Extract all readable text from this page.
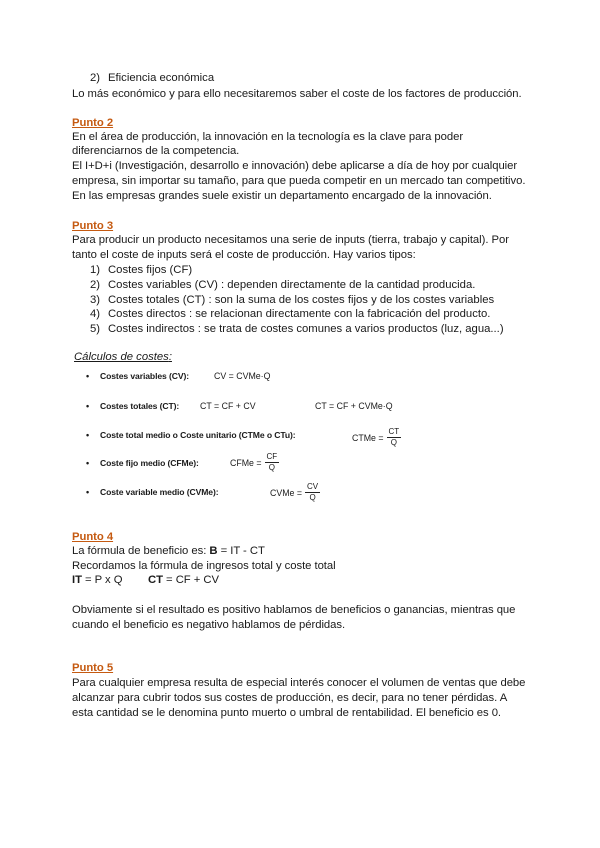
2) Eficiencia económica
Lo más económico y para ello necesitaremos saber el coste de los factores de producción.
Punto 2
En el área de producción, la innovación en la tecnología es la clave para poder
diferenciarnos de la competencia.
El I+D+i (Investigación, desarrollo e innovación) debe aplicarse a día de hoy por cualquier
empresa, sin importar su tamaño, para que pueda competir en un mercado tan competitivo.
En las empresas grandes suele existir un departamento encargado de la innovación.
Punto 3
Para producir un producto necesitamos una serie de inputs (tierra, trabajo y capital). Por
tanto el coste de inputs será el coste de producción. Hay varios tipos:
1) Costes fijos (CF)
2) Costes variables (CV) : dependen directamente de la cantidad producida.
3) Costes totales (CT) : son la suma de los costes fijos y de los costes variables
4) Costes directos : se relacionan directamente con la fabricación del producto.
5) Costes indirectos : se trata de costes comunes a varios productos (luz, agua...)
Cálculos de costes:
• Costes variables (CV):	CV = CVMe·Q
• Costes totales (CT): CT = CF + CV	CT = CF + CVMe·Q
• Coste total medio o Coste unitario (CTMe o CTu):	CTMe = $\frac{CT}{Q}$
• Coste fijo medio (CFMe):	CFMe = $\frac{CF}{Q}$
• Coste variable medio (CVMe):	CVMe = $\frac{CV}{Q}$
Punto 4
La fórmula de beneficio es: B = IT - CT
Recordamos la fórmula de ingresos total y coste total
IT = P x Q CT = CF + CV
Obviamente si el resultado es positivo hablamos de beneficios o ganancias, mientras que
cuando el beneficio es negativo hablamos de pérdidas.
Punto 5
Para cualquier empresa resulta de especial interés conocer el volumen de ventas que debe
alcanzar para cubrir todos sus costes de producción, es decir, para no tener pérdidas. A
esta cantidad se le denomina punto muerto o umbral de rentabilidad. El beneficio es 0.
